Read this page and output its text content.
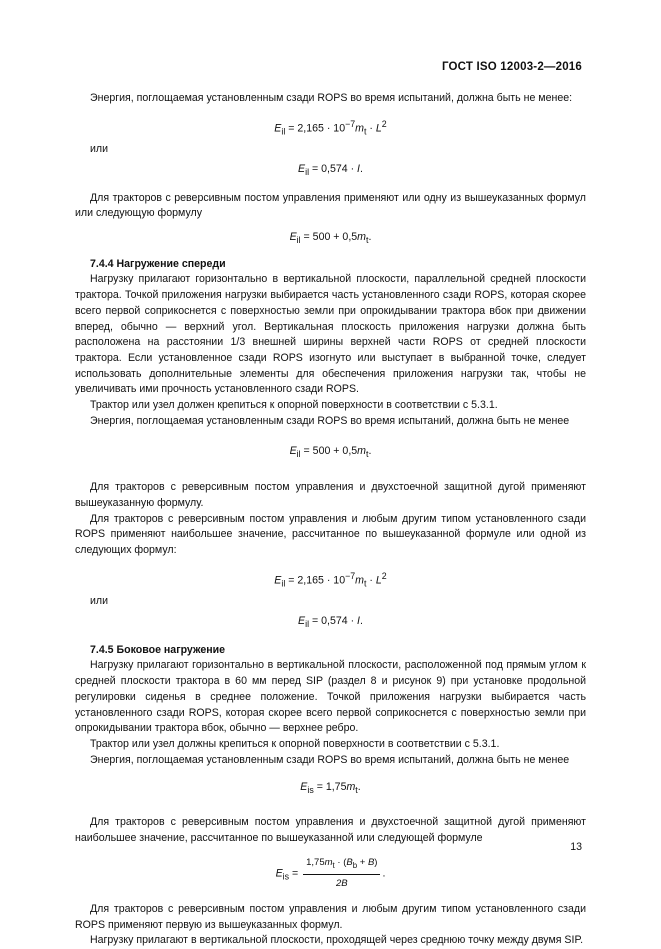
ГОСТ ISO 12003-2—2016

Энергия, поглощаемая установленным сзади ROPS во время испытаний, должна быть не менее:

$E_{il} = 2,165 \cdot 10^{-7}m_t \cdot L^2$

или

$E_{il} = 0,574 \cdot I$.

Для тракторов с реверсивным постом управления применяют или одну из вышеуказанных формул или следующую формулу

$E_{il} = 500 + 0,5m_t$.

7.4.4 Нагружение спереди

Нагрузку прилагают горизонтально в вертикальной плоскости, параллельной средней плоскости трактора. Точкой приложения нагрузки выбирается часть установленного сзади ROPS, которая скорее всего первой соприкоснется с поверхностью земли при опрокидывании трактора вбок при движении вперед, обычно — верхний угол. Вертикальная плоскость приложения нагрузки должна быть расположена на расстоянии 1/3 внешней ширины верхней части ROPS от средней плоскости трактора. Если установленное сзади ROPS изогнуто или выступает в выбранной точке, следует использовать дополнительные элементы для обеспечения приложения нагрузки так, чтобы не увеличивать ими прочность установленного сзади ROPS.

Трактор или узел должен крепиться к опорной поверхности в соответствии с 5.3.1.

Энергия, поглощаемая установленным сзади ROPS во время испытаний, должна быть не менее

$E_{il} = 500 + 0,5m_t$.

Для тракторов с реверсивным постом управления и двухстоечной защитной дугой применяют вышеуказанную формулу.

Для тракторов с реверсивным постом управления и любым другим типом установленного сзади ROPS применяют наибольшее значение, рассчитанное по вышеуказанной формуле или одной из следующих формул:

$E_{il} = 2,165 \cdot 10^{-7}m_t \cdot L^2$

или

$E_{il} = 0,574 \cdot I$.

7.4.5 Боковое нагружение

Нагрузку прилагают горизонтально в вертикальной плоскости, расположенной под прямым углом к средней плоскости трактора в 60 мм перед SIP (раздел 8 и рисунок 9) при установке продольной регулировки сиденья в среднее положение. Точкой приложения нагрузки выбирается часть установленного сзади ROPS, которая скорее всего первой соприкоснется с поверхностью земли при опрокидывании трактора вбок, обычно — верхнее ребро.

Трактор или узел должны крепиться к опорной поверхности в соответствии с 5.3.1.

Энергия, поглощаемая установленным сзади ROPS во время испытаний, должна быть не менее

$E_{is} = 1,75m_t$.

Для тракторов с реверсивным постом управления и двухстоечной защитной дугой применяют наибольшее значение, рассчитанное по вышеуказанной или следующей формуле

$E_{is} = \frac{1,75m_t \cdot (B_b + B)}{2B}$ .

Для тракторов с реверсивным постом управления и любым другим типом установленного сзади ROPS применяют первую из вышеуказанных формул.

Нагрузку прилагают в вертикальной плоскости, проходящей через среднюю точку между двумя SIP.

13
